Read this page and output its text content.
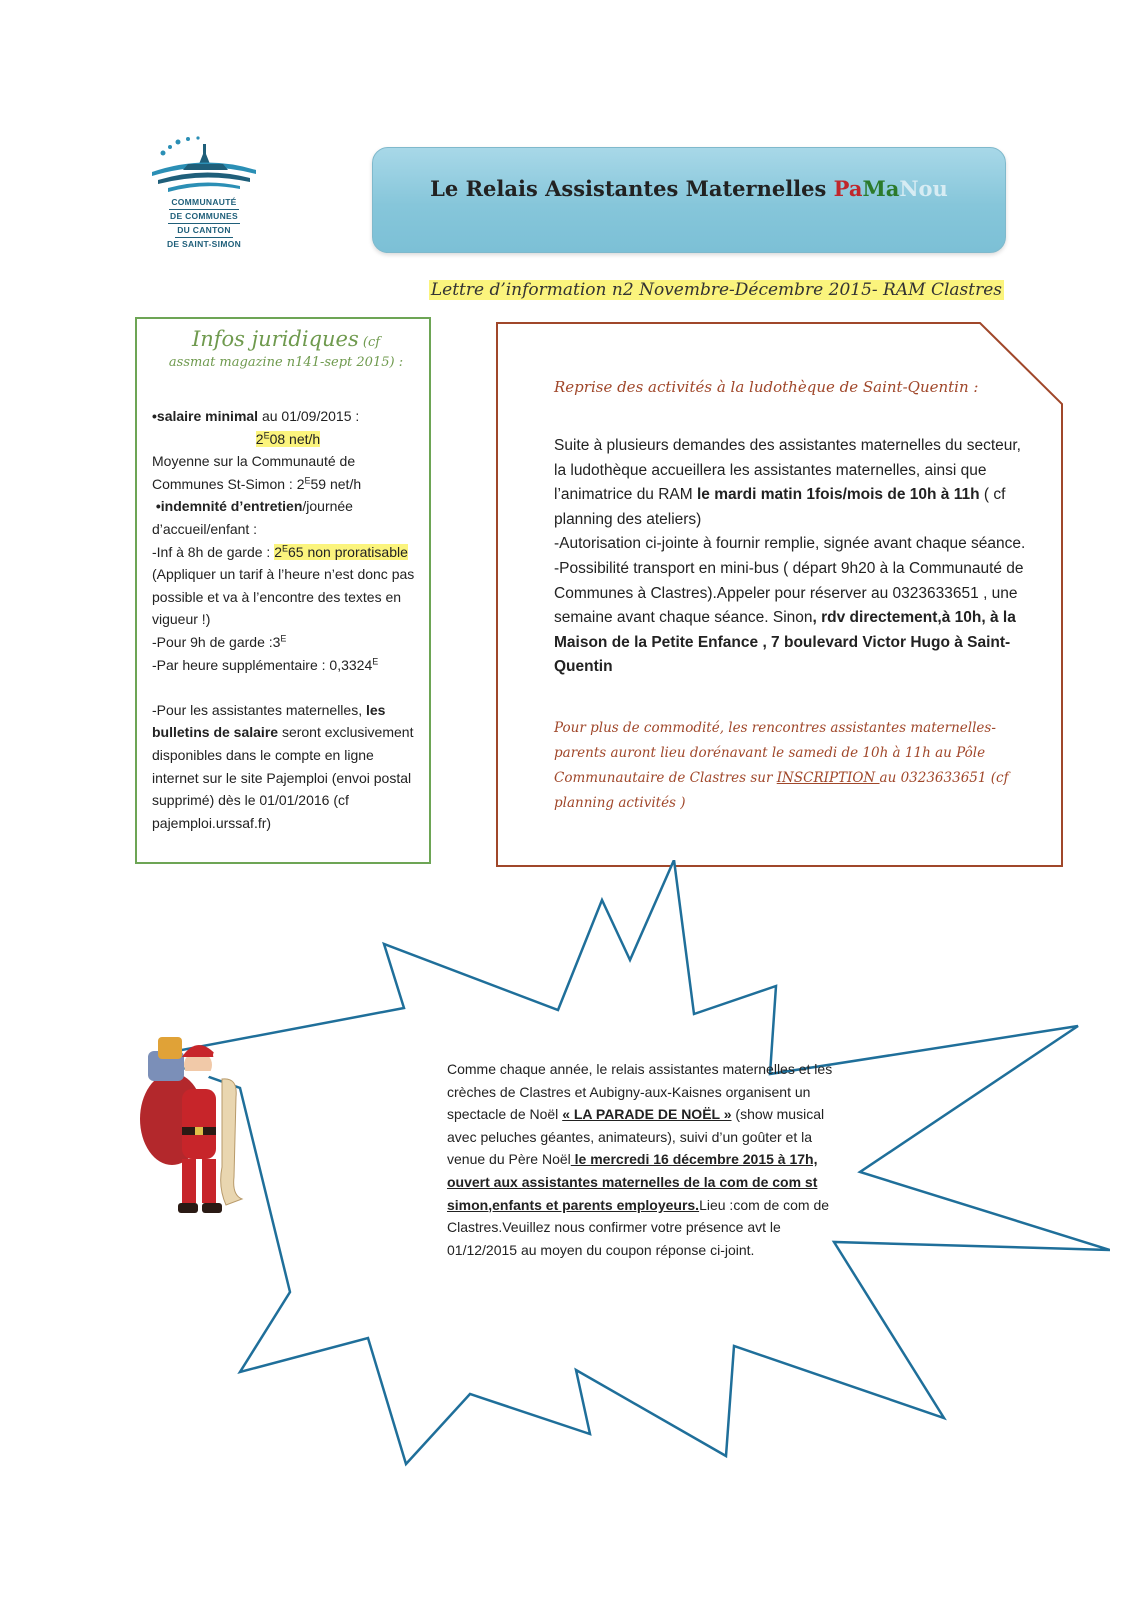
COMMUNAUTÉ
DE COMMUNES
DU CANTON
DE SAINT-SIMON
Le Relais Assistantes Maternelles PaMaNou
Lettre d’information n2 Novembre-Décembre 2015- RAM Clastres
Infos juridiques (cf
assmat magazine n141-sept 2015) :

•salaire minimal au 01/09/2015 :

$2^E08$ net/h

Moyenne sur la Communauté de Communes St-Simon : $2^E59$ net/h

•indemnité d’entretien/journée d’accueil/enfant :

-Inf à 8h de garde : $2^E65$ non proratisable (Appliquer un tarif à l’heure n’est donc pas possible et va à l’encontre des textes en vigueur !)

-Pour 9h de garde $:3^E$

-Par heure supplémentaire : $0,3324^E$

-Pour les assistantes maternelles, les bulletins de salaire seront exclusivement disponibles dans le compte en ligne internet sur le site Pajemploi (envoi postal supprimé) dès le 01/01/2016 (cf pajemploi.urssaf.fr)

Reprise des activités à la ludothèque de Saint-Quentin :

Suite à plusieurs demandes des assistantes maternelles du secteur, la ludothèque accueillera les assistantes maternelles, ainsi que l’animatrice du RAM le mardi matin 1fois/mois de 10h à 11h ( cf planning des ateliers)

-Autorisation ci-jointe à fournir remplie, signée avant chaque séance.

-Possibilité transport en mini-bus ( départ 9h20 à la Communauté de Communes à Clastres).Appeler pour réserver au 0323633651 , une semaine avant chaque séance. Sinon, rdv directement,à 10h, à la Maison de la Petite Enfance , 7 boulevard Victor Hugo à Saint-Quentin

Pour plus de commodité, les rencontres assistantes maternelles-parents auront lieu dorénavant le samedi de 10h à 11h au Pôle Communautaire de Clastres sur INSCRIPTION au 0323633651 (cf planning activités )

Comme chaque année, le relais assistantes maternelles et les crèches de Clastres et Aubigny-aux-Kaisnes organisent un spectacle de Noël « LA PARADE DE NOËL » (show musical avec peluches géantes, animateurs), suivi d’un goûter et la venue du Père Noël le mercredi 16 décembre 2015 à 17h, ouvert aux assistantes maternelles de la com de com st simon,enfants et parents employeurs.Lieu :com de com de Clastres.Veuillez nous confirmer votre présence avt le 01/12/2015 au moyen du coupon réponse ci-joint.
